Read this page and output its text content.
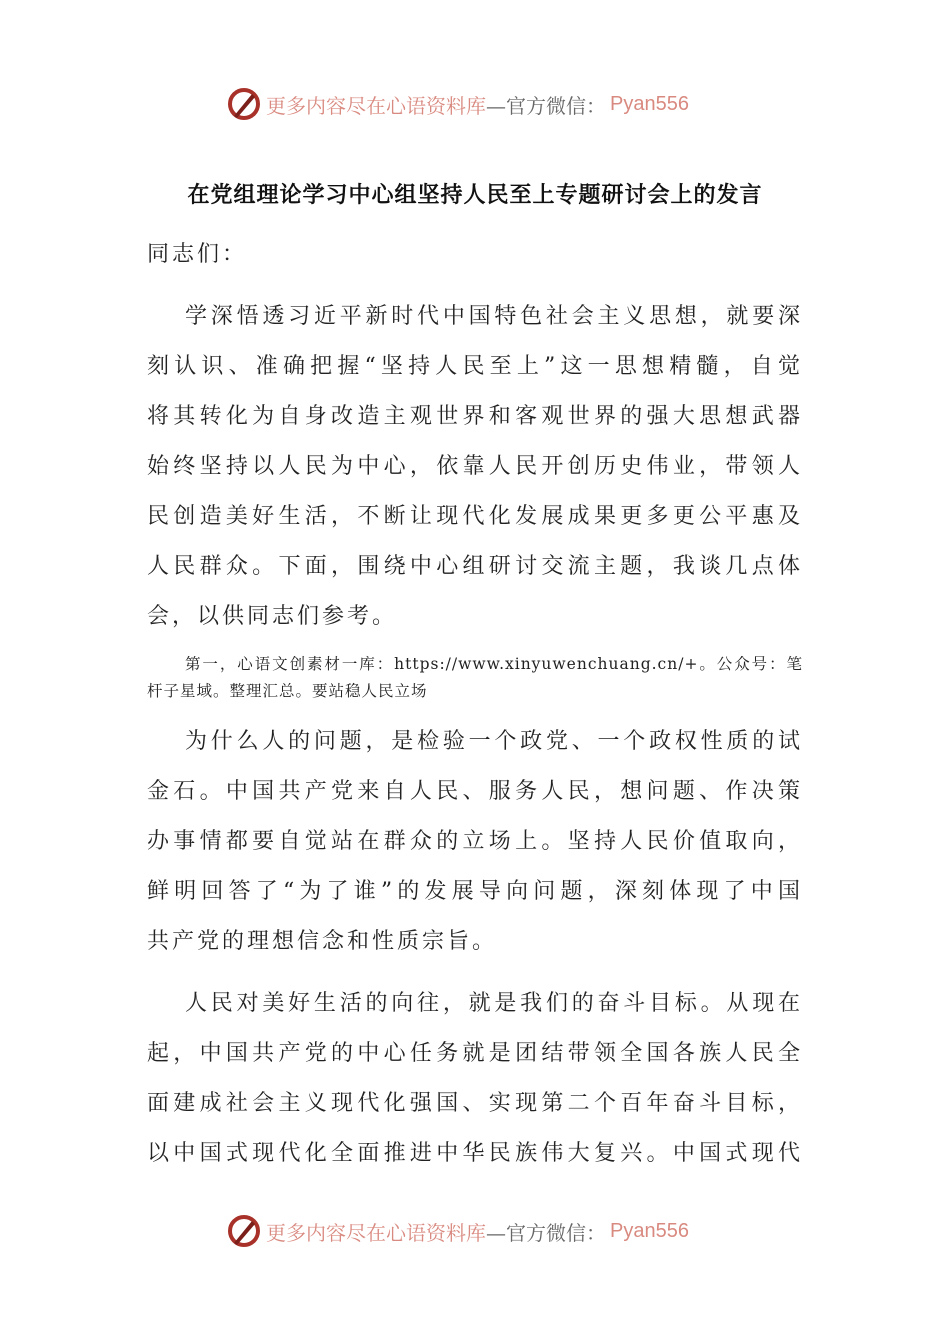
更多内容尽在心语资料库 —官方微信： Pyan556
在党组理论学习中心组坚持人民至上专题研讨会上的发言
同志们：
学深悟透习近平新时代中国特色社会主义思想，就要深
刻认识、准确把握“坚持人民至上”这一思想精髓，自觉
将其转化为自身改造主观世界和客观世界的强大思想武器
始终坚持以人民为中心，依靠人民开创历史伟业，带领人
民创造美好生活，不断让现代化发展成果更多更公平惠及
人民群众。下面，围绕中心组研讨交流主题，我谈几点体
会，以供同志们参考。
第一，心语文创素材一库：https://www.xinyuwenchuang.cn/+。公众号：笔
杆子星域。整理汇总。要站稳人民立场
为什么人的问题，是检验一个政党、一个政权性质的试
金石。中国共产党来自人民、服务人民，想问题、作决策
办事情都要自觉站在群众的立场上。坚持人民价值取向，
鲜明回答了“为了谁”的发展导向问题，深刻体现了中国
共产党的理想信念和性质宗旨。
人民对美好生活的向往，就是我们的奋斗目标。从现在
起，中国共产党的中心任务就是团结带领全国各族人民全
面建成社会主义现代化强国、实现第二个百年奋斗目标，
以中国式现代化全面推进中华民族伟大复兴。中国式现代
更多内容尽在心语资料库 —官方微信： Pyan556
